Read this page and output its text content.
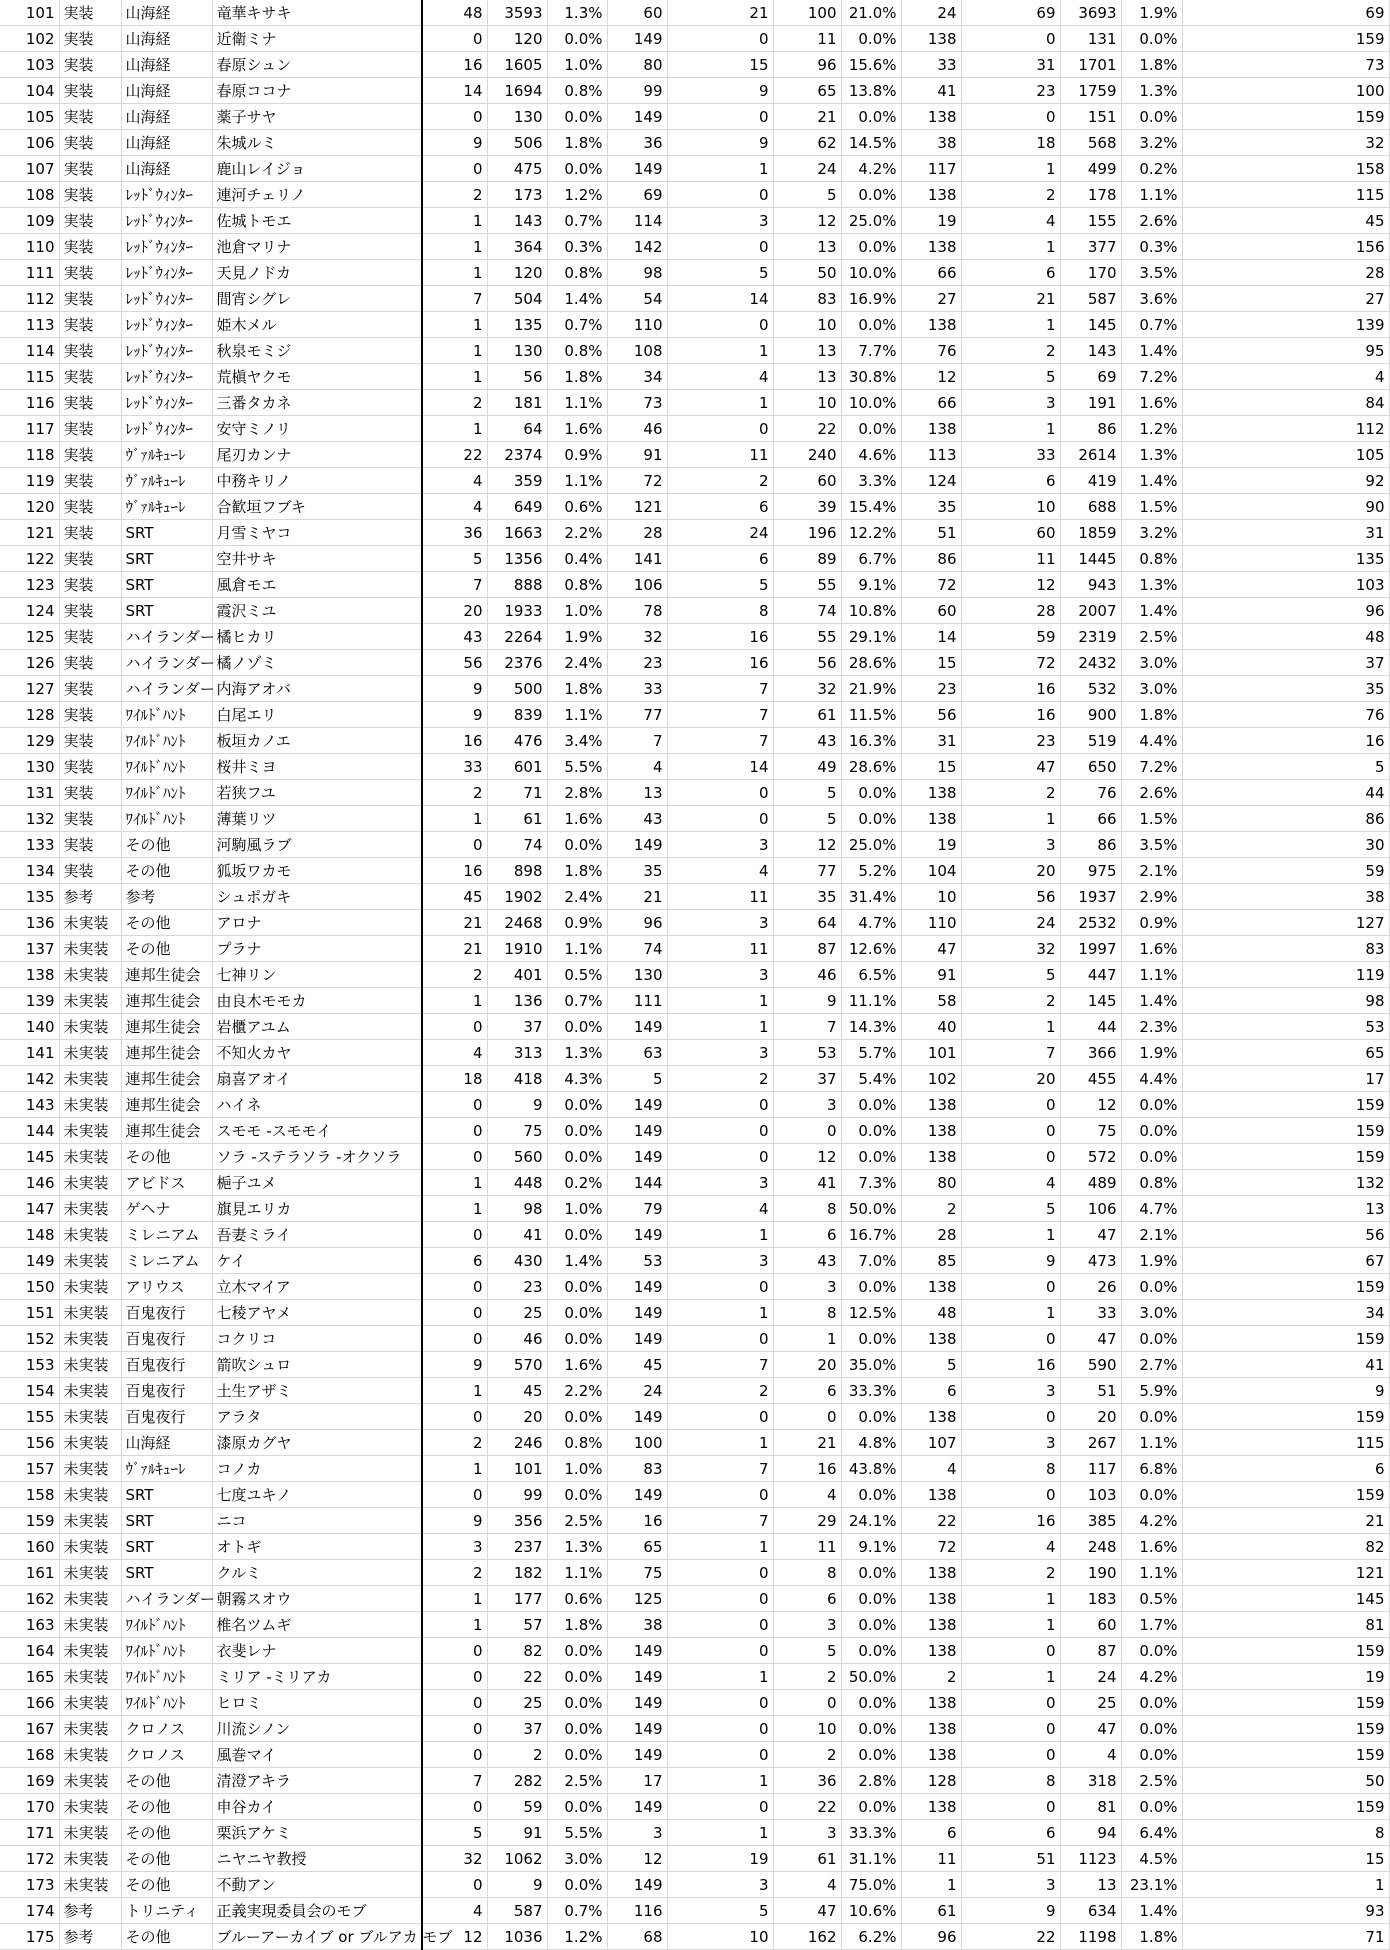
101	実装	山海経	竜華キサキ	48	3593	1.3%	60	21	100	21.0%	24	69	3693	1.9%	69
102	実装	山海経	近衛ミナ	0	120	0.0%	149	0	11	0.0%	138	0	131	0.0%	159
103	実装	山海経	春原シュン	16	1605	1.0%	80	15	96	15.6%	33	31	1701	1.8%	73
104	実装	山海経	春原ココナ	14	1694	0.8%	99	9	65	13.8%	41	23	1759	1.3%	100
105	実装	山海経	薬子サヤ	0	130	0.0%	149	0	21	0.0%	138	0	151	0.0%	159
106	実装	山海経	朱城ルミ	9	506	1.8%	36	9	62	14.5%	38	18	568	3.2%	32
107	実装	山海経	鹿山レイジョ	0	475	0.0%	149	1	24	4.2%	117	1	499	0.2%	158
108	実装	ﾚｯﾄﾞｳｨﾝﾀｰ	連河チェリノ	2	173	1.2%	69	0	5	0.0%	138	2	178	1.1%	115
109	実装	ﾚｯﾄﾞｳｨﾝﾀｰ	佐城トモエ	1	143	0.7%	114	3	12	25.0%	19	4	155	2.6%	45
110	実装	ﾚｯﾄﾞｳｨﾝﾀｰ	池倉マリナ	1	364	0.3%	142	0	13	0.0%	138	1	377	0.3%	156
111	実装	ﾚｯﾄﾞｳｨﾝﾀｰ	天見ノドカ	1	120	0.8%	98	5	50	10.0%	66	6	170	3.5%	28
112	実装	ﾚｯﾄﾞｳｨﾝﾀｰ	間宵シグレ	7	504	1.4%	54	14	83	16.9%	27	21	587	3.6%	27
113	実装	ﾚｯﾄﾞｳｨﾝﾀｰ	姫木メル	1	135	0.7%	110	0	10	0.0%	138	1	145	0.7%	139
114	実装	ﾚｯﾄﾞｳｨﾝﾀｰ	秋泉モミジ	1	130	0.8%	108	1	13	7.7%	76	2	143	1.4%	95
115	実装	ﾚｯﾄﾞｳｨﾝﾀｰ	荒槇ヤクモ	1	56	1.8%	34	4	13	30.8%	12	5	69	7.2%	4
116	実装	ﾚｯﾄﾞｳｨﾝﾀｰ	三番タカネ	2	181	1.1%	73	1	10	10.0%	66	3	191	1.6%	84
117	実装	ﾚｯﾄﾞｳｨﾝﾀｰ	安守ミノリ	1	64	1.6%	46	0	22	0.0%	138	1	86	1.2%	112
118	実装	ｳﾞｧﾙｷｭｰﾚ	尾刃カンナ	22	2374	0.9%	91	11	240	4.6%	113	33	2614	1.3%	105
119	実装	ｳﾞｧﾙｷｭｰﾚ	中務キリノ	4	359	1.1%	72	2	60	3.3%	124	6	419	1.4%	92
120	実装	ｳﾞｧﾙｷｭｰﾚ	合歓垣フブキ	4	649	0.6%	121	6	39	15.4%	35	10	688	1.5%	90
121	実装	SRT	月雪ミヤコ	36	1663	2.2%	28	24	196	12.2%	51	60	1859	3.2%	31
122	実装	SRT	空井サキ	5	1356	0.4%	141	6	89	6.7%	86	11	1445	0.8%	135
123	実装	SRT	風倉モエ	7	888	0.8%	106	5	55	9.1%	72	12	943	1.3%	103
124	実装	SRT	霞沢ミユ	20	1933	1.0%	78	8	74	10.8%	60	28	2007	1.4%	96
125	実装	ハイランダー	橘ヒカリ	43	2264	1.9%	32	16	55	29.1%	14	59	2319	2.5%	48
126	実装	ハイランダー	橘ノゾミ	56	2376	2.4%	23	16	56	28.6%	15	72	2432	3.0%	37
127	実装	ハイランダー	内海アオバ	9	500	1.8%	33	7	32	21.9%	23	16	532	3.0%	35
128	実装	ﾜｲﾙﾄﾞﾊﾝﾄ	白尾エリ	9	839	1.1%	77	7	61	11.5%	56	16	900	1.8%	76
129	実装	ﾜｲﾙﾄﾞﾊﾝﾄ	板垣カノエ	16	476	3.4%	7	7	43	16.3%	31	23	519	4.4%	16
130	実装	ﾜｲﾙﾄﾞﾊﾝﾄ	桜井ミヨ	33	601	5.5%	4	14	49	28.6%	15	47	650	7.2%	5
131	実装	ﾜｲﾙﾄﾞﾊﾝﾄ	若狭フユ	2	71	2.8%	13	0	5	0.0%	138	2	76	2.6%	44
132	実装	ﾜｲﾙﾄﾞﾊﾝﾄ	薄葉リツ	1	61	1.6%	43	0	5	0.0%	138	1	66	1.5%	86
133	実装	その他	河駒風ラブ	0	74	0.0%	149	3	12	25.0%	19	3	86	3.5%	30
134	実装	その他	狐坂ワカモ	16	898	1.8%	35	4	77	5.2%	104	20	975	2.1%	59
135	参考	参考	シュポガキ	45	1902	2.4%	21	11	35	31.4%	10	56	1937	2.9%	38
136	未実装	その他	アロナ	21	2468	0.9%	96	3	64	4.7%	110	24	2532	0.9%	127
137	未実装	その他	プラナ	21	1910	1.1%	74	11	87	12.6%	47	32	1997	1.6%	83
138	未実装	連邦生徒会	七神リン	2	401	0.5%	130	3	46	6.5%	91	5	447	1.1%	119
139	未実装	連邦生徒会	由良木モモカ	1	136	0.7%	111	1	9	11.1%	58	2	145	1.4%	98
140	未実装	連邦生徒会	岩櫃アユム	0	37	0.0%	149	1	7	14.3%	40	1	44	2.3%	53
141	未実装	連邦生徒会	不知火カヤ	4	313	1.3%	63	3	53	5.7%	101	7	366	1.9%	65
142	未実装	連邦生徒会	扇喜アオイ	18	418	4.3%	5	2	37	5.4%	102	20	455	4.4%	17
143	未実装	連邦生徒会	ハイネ	0	9	0.0%	149	0	3	0.0%	138	0	12	0.0%	159
144	未実装	連邦生徒会	スモモ -スモモイ	0	75	0.0%	149	0	0	0.0%	138	0	75	0.0%	159
145	未実装	その他	ソラ -ステラソラ -オクソラ	0	560	0.0%	149	0	12	0.0%	138	0	572	0.0%	159
146	未実装	アビドス	梔子ユメ	1	448	0.2%	144	3	41	7.3%	80	4	489	0.8%	132
147	未実装	ゲヘナ	旗見エリカ	1	98	1.0%	79	4	8	50.0%	2	5	106	4.7%	13
148	未実装	ミレニアム	吾妻ミライ	0	41	0.0%	149	1	6	16.7%	28	1	47	2.1%	56
149	未実装	ミレニアム	ケイ	6	430	1.4%	53	3	43	7.0%	85	9	473	1.9%	67
150	未実装	アリウス	立木マイア	0	23	0.0%	149	0	3	0.0%	138	0	26	0.0%	159
151	未実装	百鬼夜行	七稜アヤメ	0	25	0.0%	149	1	8	12.5%	48	1	33	3.0%	34
152	未実装	百鬼夜行	コクリコ	0	46	0.0%	149	0	1	0.0%	138	0	47	0.0%	159
153	未実装	百鬼夜行	箭吹シュロ	9	570	1.6%	45	7	20	35.0%	5	16	590	2.7%	41
154	未実装	百鬼夜行	土生アザミ	1	45	2.2%	24	2	6	33.3%	6	3	51	5.9%	9
155	未実装	百鬼夜行	アラタ	0	20	0.0%	149	0	0	0.0%	138	0	20	0.0%	159
156	未実装	山海経	漆原カグヤ	2	246	0.8%	100	1	21	4.8%	107	3	267	1.1%	115
157	未実装	ｳﾞｧﾙｷｭｰﾚ	コノカ	1	101	1.0%	83	7	16	43.8%	4	8	117	6.8%	6
158	未実装	SRT	七度ユキノ	0	99	0.0%	149	0	4	0.0%	138	0	103	0.0%	159
159	未実装	SRT	ニコ	9	356	2.5%	16	7	29	24.1%	22	16	385	4.2%	21
160	未実装	SRT	オトギ	3	237	1.3%	65	1	11	9.1%	72	4	248	1.6%	82
161	未実装	SRT	クルミ	2	182	1.1%	75	0	8	0.0%	138	2	190	1.1%	121
162	未実装	ハイランダー	朝霧スオウ	1	177	0.6%	125	0	6	0.0%	138	1	183	0.5%	145
163	未実装	ﾜｲﾙﾄﾞﾊﾝﾄ	椎名ツムギ	1	57	1.8%	38	0	3	0.0%	138	1	60	1.7%	81
164	未実装	ﾜｲﾙﾄﾞﾊﾝﾄ	衣斐レナ	0	82	0.0%	149	0	5	0.0%	138	0	87	0.0%	159
165	未実装	ﾜｲﾙﾄﾞﾊﾝﾄ	ミリア -ミリアカ	0	22	0.0%	149	1	2	50.0%	2	1	24	4.2%	19
166	未実装	ﾜｲﾙﾄﾞﾊﾝﾄ	ヒロミ	0	25	0.0%	149	0	0	0.0%	138	0	25	0.0%	159
167	未実装	クロノス	川流シノン	0	37	0.0%	149	0	10	0.0%	138	0	47	0.0%	159
168	未実装	クロノス	風巻マイ	0	2	0.0%	149	0	2	0.0%	138	0	4	0.0%	159
169	未実装	その他	清澄アキラ	7	282	2.5%	17	1	36	2.8%	128	8	318	2.5%	50
170	未実装	その他	申谷カイ	0	59	0.0%	149	0	22	0.0%	138	0	81	0.0%	159
171	未実装	その他	栗浜アケミ	5	91	5.5%	3	1	3	33.3%	6	6	94	6.4%	8
172	未実装	その他	ニヤニヤ教授	32	1062	3.0%	12	19	61	31.1%	11	51	1123	4.5%	15
173	未実装	その他	不動アン	0	9	0.0%	149	3	4	75.0%	1	3	13	23.1%	1
174	参考	トリニティ	正義実現委員会のモブ	4	587	0.7%	116	5	47	10.6%	61	9	634	1.4%	93
175	参考	その他	ブルーアーカイブ or ブルアカ モブ	12	1036	1.2%	68	10	162	6.2%	96	22	1198	1.8%	71
